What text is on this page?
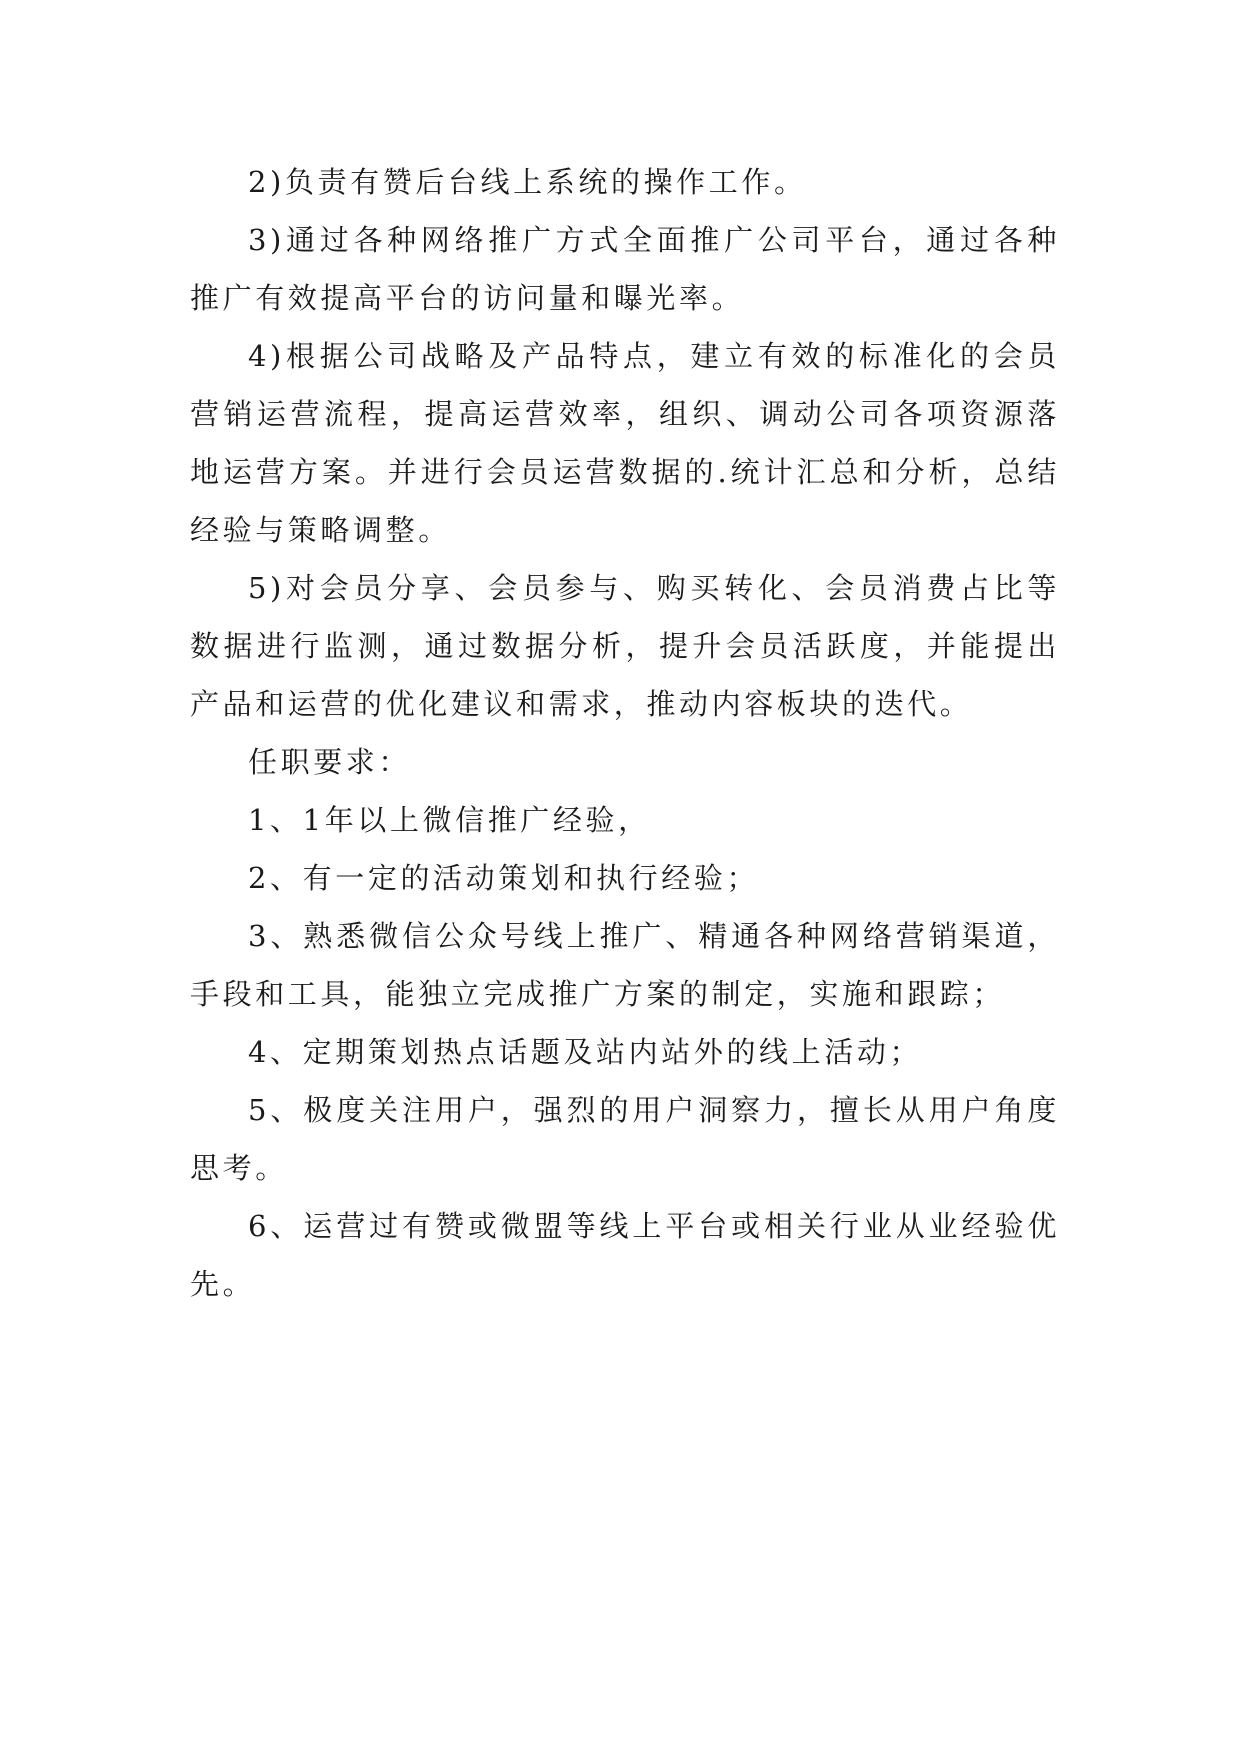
2)负责有赞后台线上系统的操作工作。

3)通过各种网络推广方式全面推广公司平台，通过各种推广有效提高平台的访问量和曝光率。

4)根据公司战略及产品特点，建立有效的标准化的会员营销运营流程，提高运营效率，组织、调动公司各项资源落地运营方案。并进行会员运营数据的.统计汇总和分析，总结经验与策略调整。

5)对会员分享、会员参与、购买转化、会员消费占比等数据进行监测，通过数据分析，提升会员活跃度，并能提出产品和运营的优化建议和需求，推动内容板块的迭代。

任职要求：

1、1年以上微信推广经验，

2、有一定的活动策划和执行经验；

3、熟悉微信公众号线上推广、精通各种网络营销渠道，手段和工具，能独立完成推广方案的制定，实施和跟踪；

4、定期策划热点话题及站内站外的线上活动；

5、极度关注用户，强烈的用户洞察力，擅长从用户角度思考。

6、运营过有赞或微盟等线上平台或相关行业从业经验优先。
